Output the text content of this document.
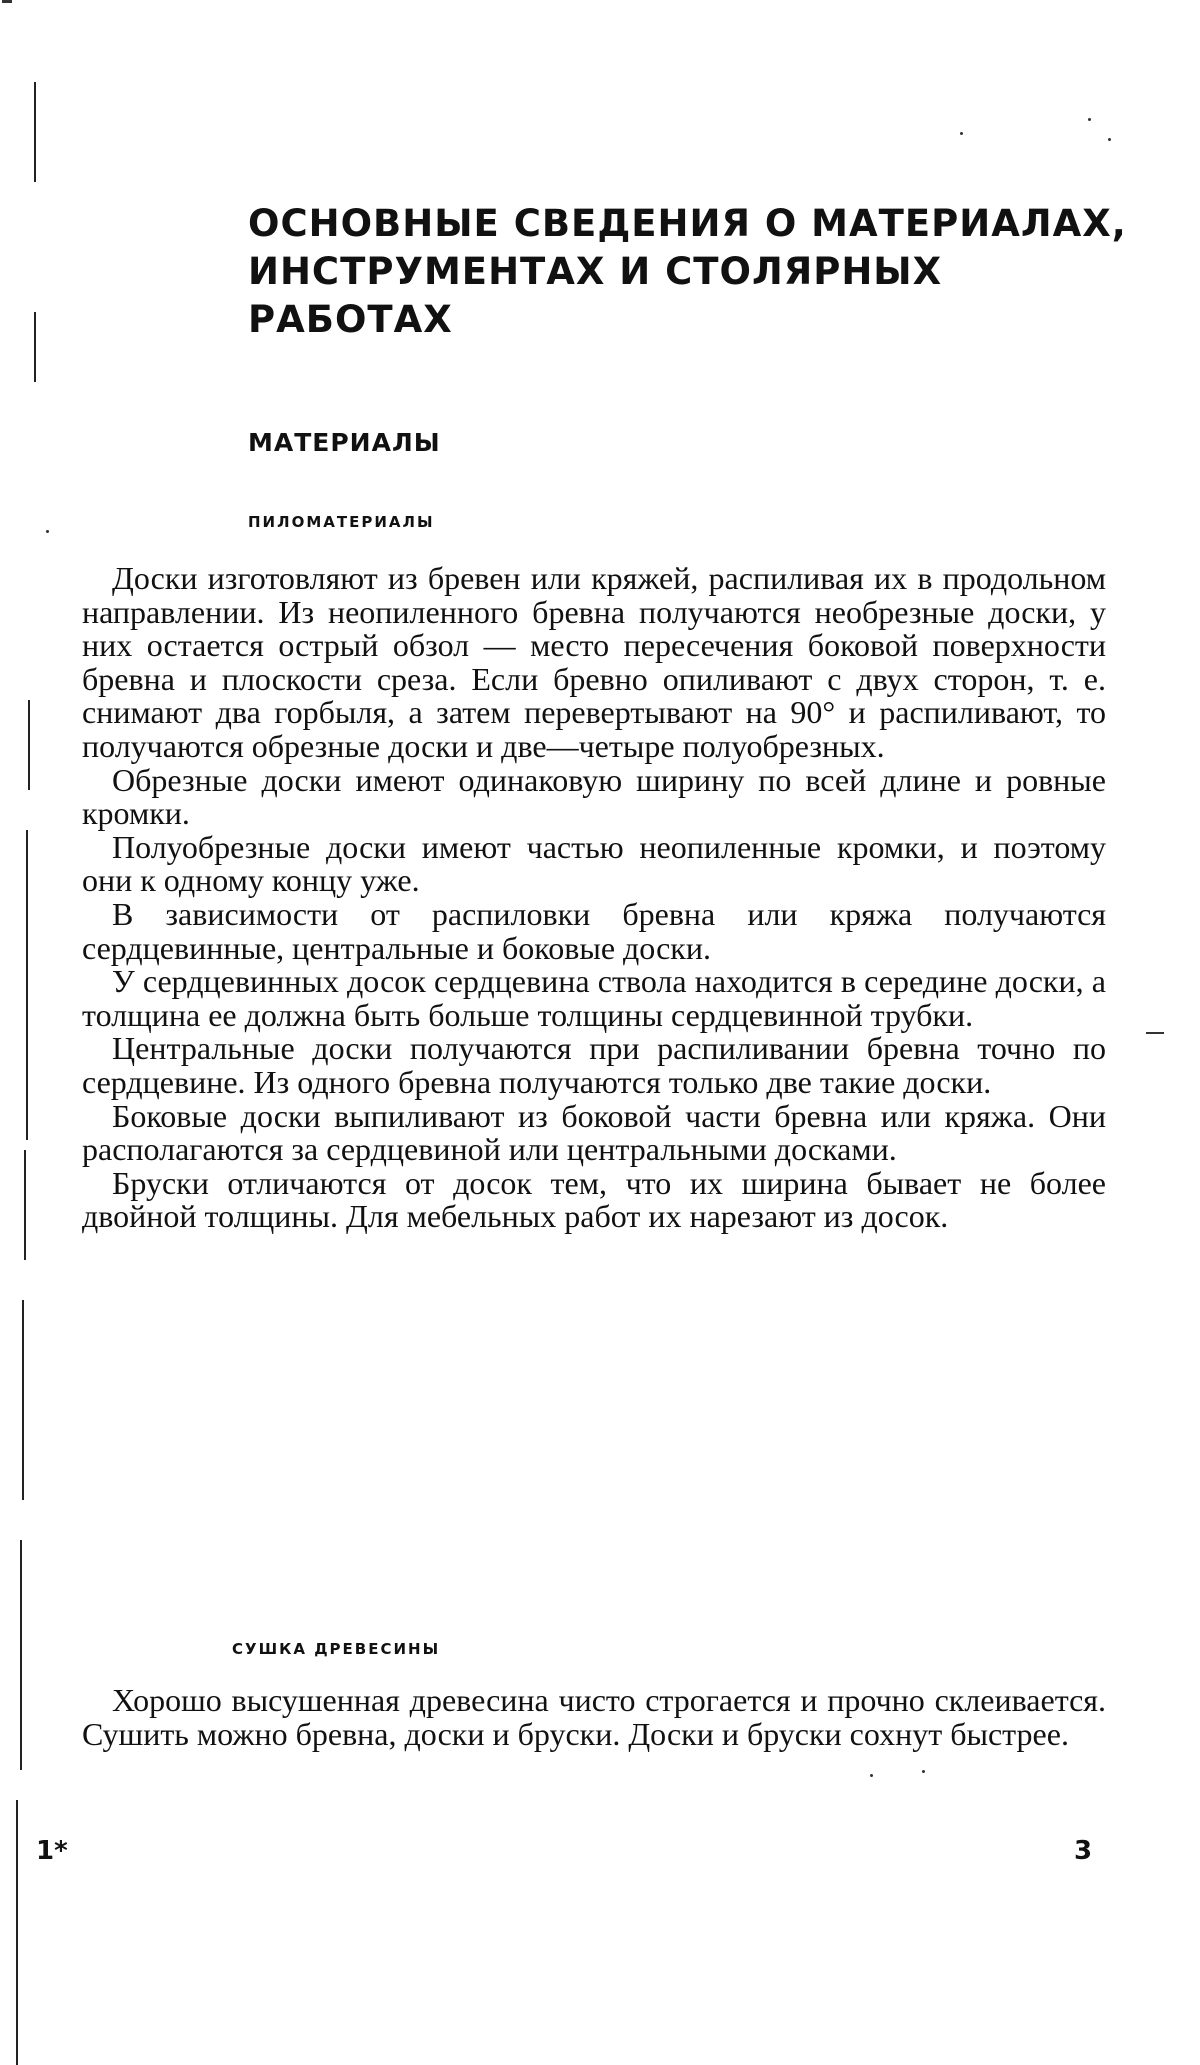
ОСНОВНЫЕ СВЕДЕНИЯ О МАТЕРИАЛАХ,
ИНСТРУМЕНТАХ И СТОЛЯРНЫХ
РАБОТАХ
МАТЕРИАЛЫ
ПИЛОМАТЕРИАЛЫ

Доски изготовляют из бревен или кряжей, распиливая их в продольном направлении. Из неопиленного бревна получаются необрезные доски, у них остается острый обзол — место пересечения боковой поверхности бревна и плоскости среза. Если бревно опиливают с двух сторон, т. е. снимают два горбыля, а затем перевертывают на 90° и распиливают, то получаются обрезные доски и две—четыре полуобрезных.

Обрезные доски имеют одинаковую ширину по всей длине и ровные кромки.

Полуобрезные доски имеют частью неопиленные кромки, и поэтому они к одному концу уже.

В зависимости от распиловки бревна или кряжа получаются сердцевинные, центральные и боковые доски.

У сердцевинных досок сердцевина ствола находится в середине доски, а толщина ее должна быть больше толщины сердцевинной трубки.

Центральные доски получаются при распиливании бревна точно по сердцевине. Из одного бревна получаются только две такие доски.

Боковые доски выпиливают из боковой части бревна или кряжа. Они располагаются за сердцевиной или центральными досками.

Бруски отличаются от досок тем, что их ширина бывает не более двойной толщины. Для мебельных работ их нарезают из досок.

СУШКА ДРЕВЕСИНЫ

Хорошо высушенная древесина чисто строгается и прочно склеивается. Сушить можно бревна, доски и бруски. Доски и бруски сохнут быстрее.

1*	3
